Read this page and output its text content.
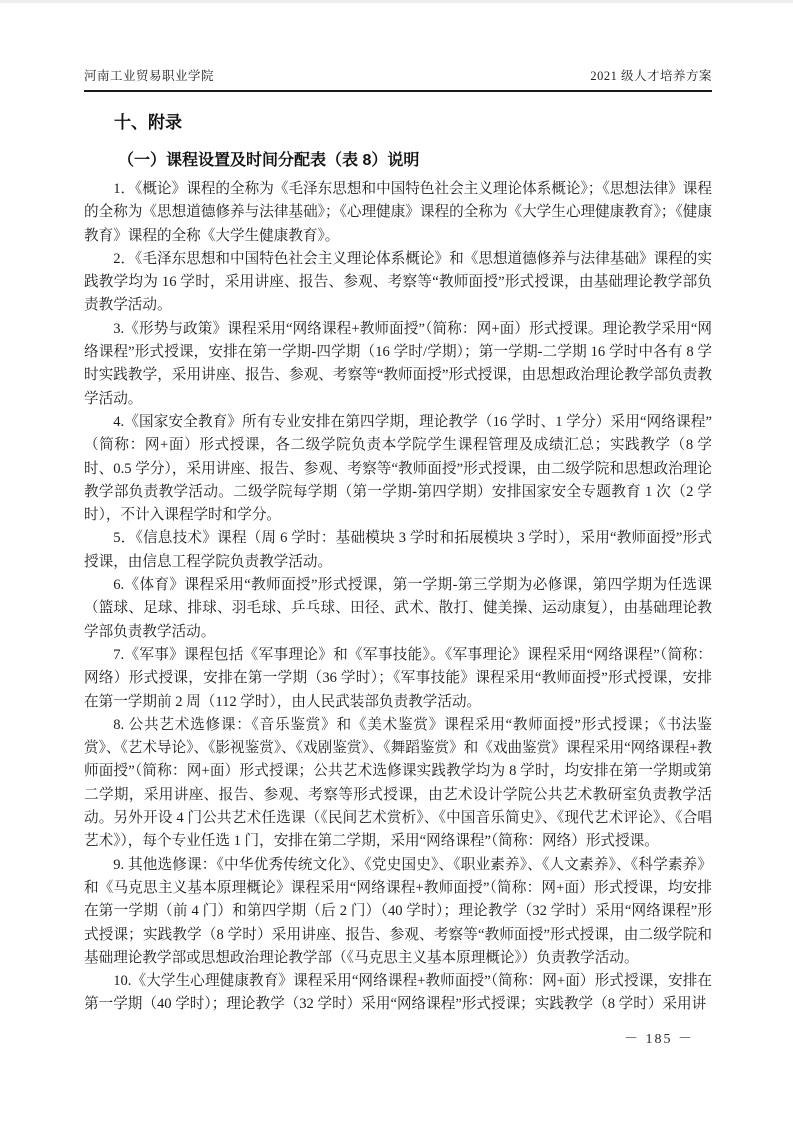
河南工业贸易职业学院	2021 级人才培养方案
十、附录
（一）课程设置及时间分配表（表 8）说明

1．《概论》课程的全称为《毛泽东思想和中国特色社会主义理论体系概论》；《思想法律》课程的全称为《思想道德修养与法律基础》；《心理健康》课程的全称为《大学生心理健康教育》；《健康教育》课程的全称《大学生健康教育》。

2．《毛泽东思想和中国特色社会主义理论体系概论》和《思想道德修养与法律基础》课程的实践教学均为 16 学时，采用讲座、报告、参观、考察等“教师面授”形式授课，由基础理论教学部负责教学活动。

3.《形势与政策》课程采用“网络课程+教师面授”（简称：网+面）形式授课。理论教学采用“网络课程”形式授课，安排在第一学期-四学期（16 学时/学期）；第一学期-二学期 16 学时中各有 8 学时实践教学，采用讲座、报告、参观、考察等“教师面授”形式授课，由思想政治理论教学部负责教学活动。

4.《国家安全教育》所有专业安排在第四学期，理论教学（16 学时、1 学分）采用“网络课程”（简称：网+面）形式授课，各二级学院负责本学院学生课程管理及成绩汇总；实践教学（8 学时、0.5 学分），采用讲座、报告、参观、考察等“教师面授”形式授课，由二级学院和思想政治理论教学部负责教学活动。二级学院每学期（第一学期-第四学期）安排国家安全专题教育 1 次（2 学时），不计入课程学时和学分。

5．《信息技术》课程（周 6 学时：基础模块 3 学时和拓展模块 3 学时），采用“教师面授”形式授课，由信息工程学院负责教学活动。

6.《体育》课程采用“教师面授”形式授课，第一学期-第三学期为必修课，第四学期为任选课（篮球、足球、排球、羽毛球、乒乓球、田径、武术、散打、健美操、运动康复），由基础理论教学部负责教学活动。

7.《军事》课程包括《军事理论》和《军事技能》。《军事理论》课程采用“网络课程”（简称：网络）形式授课，安排在第一学期（36 学时）；《军事技能》课程采用“教师面授”形式授课，安排在第一学期前 2 周（112 学时），由人民武装部负责教学活动。

8. 公共艺术选修课：《音乐鉴赏》和《美术鉴赏》课程采用“教师面授”形式授课；《书法鉴赏》、《艺术导论》、《影视鉴赏》、《戏剧鉴赏》、《舞蹈鉴赏》和《戏曲鉴赏》课程采用“网络课程+教师面授”（简称：网+面）形式授课；公共艺术选修课实践教学均为 8 学时，均安排在第一学期或第二学期，采用讲座、报告、参观、考察等形式授课，由艺术设计学院公共艺术教研室负责教学活动。另外开设 4 门公共艺术任选课（《民间艺术赏析》、《中国音乐简史》、《现代艺术评论》、《合唱艺术》），每个专业任选 1 门，安排在第二学期，采用“网络课程”（简称：网络）形式授课。

9. 其他选修课：《中华优秀传统文化》、《党史国史》、《职业素养》、《人文素养》、《科学素养》和《马克思主义基本原理概论》课程采用“网络课程+教师面授”（简称：网+面）形式授课，均安排在第一学期（前 4 门）和第四学期（后 2 门）（40 学时）；理论教学（32 学时）采用“网络课程”形式授课；实践教学（8 学时）采用讲座、报告、参观、考察等“教师面授”形式授课，由二级学院和基础理论教学部或思想政治理论教学部（《马克思主义基本原理概论》）负责教学活动。

10.《大学生心理健康教育》课程采用“网络课程+教师面授”（简称：网+面）形式授课，安排在第一学期（40 学时）；理论教学（32 学时）采用“网络课程”形式授课；实践教学（8 学时）采用讲

－ 185 －
